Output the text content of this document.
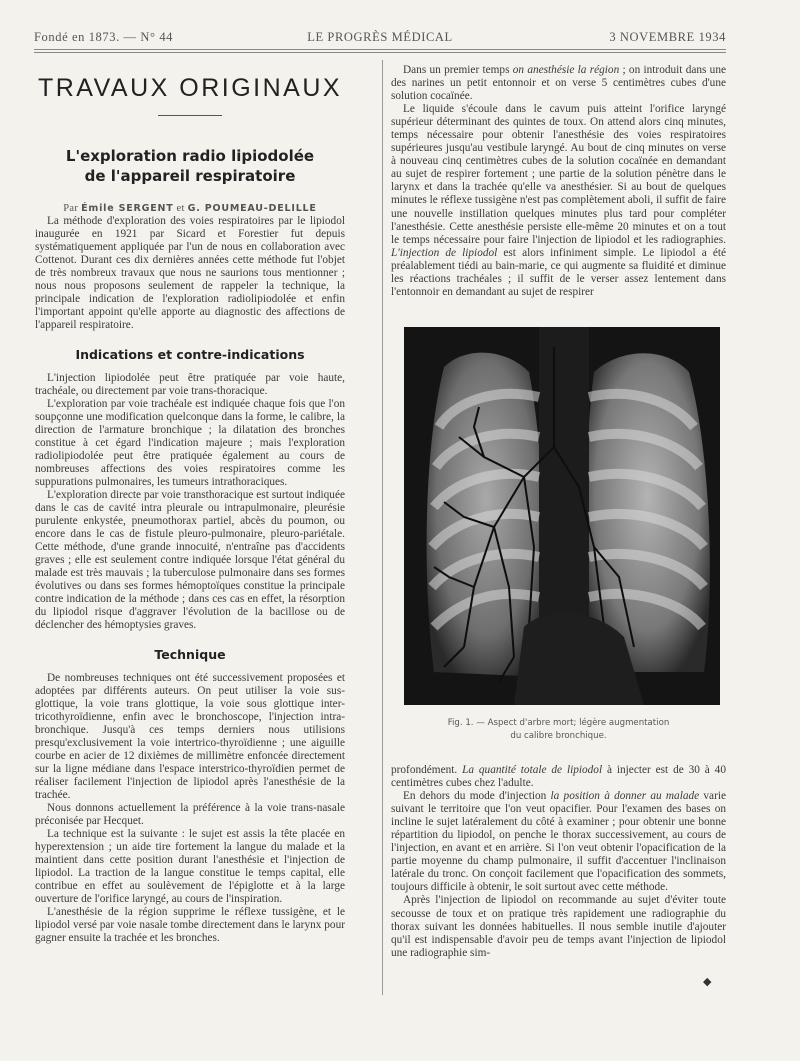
Fondé en 1873. — N° 44	LE PROGRÈS MÉDICAL	3 NOVEMBRE 1934
TRAVAUX ORIGINAUX
L'exploration radio lipiodolée
de l'appareil respiratoire
Par Émile SERGENT et G. POUMEAU-DELILLE

La méthode d'exploration des voies respiratoires par le lipiodol inaugurée en 1921 par Sicard et Forestier fut depuis systématiquement appliquée par l'un de nous en collaboration avec Cottenot. Durant ces dix dernières années cette méthode fut l'objet de très nombreux travaux que nous ne saurions tous mentionner ; nous nous proposons seulement de rappeler la technique, la principale indication de l'exploration radiolipiodolée et enfin l'important appoint qu'elle apporte au diagnostic des affections de l'appareil respiratoire.

Indications et contre-indications

L'injection lipiodolée peut être pratiquée par voie haute, trachéale, ou directement par voie trans-thoracique.

L'exploration par voie trachéale est indiquée chaque fois que l'on soupçonne une modification quelconque dans la forme, le calibre, la direction de l'armature bronchique ; la dilatation des bronches constitue à cet égard l'indication majeure ; mais l'exploration radiolipiodolée peut être pratiquée également au cours de nombreuses affections des voies respiratoires comme les suppurations pulmonaires, les tumeurs intrathoraciques.

L'exploration directe par voie transthoracique est surtout indiquée dans le cas de cavité intra pleurale ou intrapulmonaire, pleurésie purulente enkystée, pneumothorax partiel, abcès du poumon, ou encore dans le cas de fistule pleuro-pulmonaire, pleuro-pariétale. Cette méthode, d'une grande innocuité, n'entraîne pas d'accidents graves ; elle est seulement contre indiquée lorsque l'état général du malade est très mauvais ; la tuberculose pulmonaire dans ses formes évolutives ou dans ses formes hémoptoïques constitue la principale contre indication de la méthode ; dans ces cas en effet, la résorption du lipiodol risque d'aggraver l'évolution de la bacillose ou de déclencher des hémoptysies graves.

Technique

De nombreuses techniques ont été successivement proposées et adoptées par différents auteurs. On peut utiliser la voie sus-glottique, la voie trans glottique, la voie sous glottique inter-tricothyroïdienne, enfin avec le bronchoscope, l'injection intra-bronchique. Jusqu'à ces temps derniers nous utilisions presqu'exclusivement la voie intertrico-thyroïdienne ; une aiguille courbe en acier de 12 dixièmes de millimètre enfoncée directement sur la ligne médiane dans l'espace interstrico-thyroïdien permet de réaliser facilement l'injection de lipiodol après l'anesthésie de la trachée.

Nous donnons actuellement la préférence à la voie trans-nasale préconisée par Hecquet.

La technique est la suivante : le sujet est assis la tête placée en hyperextension ; un aide tire fortement la langue du malade et la maintient dans cette position durant l'anesthésie et l'injection de lipiodol. La traction de la langue constitue le temps capital, elle contribue en effet au soulèvement de l'épiglotte et à la large ouverture de l'orifice laryngé, au cours de l'inspiration.

L'anesthésie de la région supprime le réflexe tussigène, et le lipiodol versé par voie nasale tombe directement dans le larynx pour gagner ensuite la trachée et les bronches.

Dans un premier temps on anesthésie la région ; on introduit dans une des narines un petit entonnoir et on verse 5 centimètres cubes d'une solution cocaïnée.

Le liquide s'écoule dans le cavum puis atteint l'orifice laryngé supérieur déterminant des quintes de toux. On attend alors cinq minutes, temps nécessaire pour obtenir l'anesthésie des voies respiratoires supérieures jusqu'au vestibule laryngé. Au bout de cinq minutes on verse à nouveau cinq centimètres cubes de la solution cocaïnée en demandant au sujet de respirer fortement ; une partie de la solution pénètre dans le larynx et dans la trachée qu'elle va anesthésier. Si au bout de quelques minutes le réflexe tussigène n'est pas complètement aboli, il suffit de faire une nouvelle instillation quelques minutes plus tard pour compléter l'anesthésie. Cette anesthésie persiste elle-même 20 minutes et on a tout le temps nécessaire pour faire l'injection de lipiodol et les radiographies. L'injection de lipiodol est alors infiniment simple. Le lipiodol a été préalablement tiédi au bain-marie, ce qui augmente sa fluidité et diminue les réactions trachéales ; il suffit de le verser assez lentement dans l'entonnoir en demandant au sujet de respirer

Fig. 1. — Aspect d'arbre mort; légère augmentation
du calibre bronchique.

profondément. La quantité totale de lipiodol à injecter est de 30 à 40 centimètres cubes chez l'adulte.

En dehors du mode d'injection la position à donner au malade varie suivant le territoire que l'on veut opacifier. Pour l'examen des bases on incline le sujet latéralement du côté à examiner ; pour obtenir une bonne répartition du lipiodol, on penche le thorax successivement, au cours de l'injection, en avant et en arrière. Si l'on veut obtenir l'opacification de la partie moyenne du champ pulmonaire, il suffit d'accentuer l'inclinaison latérale du tronc. On conçoit facilement que l'opacification des sommets, toujours difficile à obtenir, le soit surtout avec cette méthode.

Après l'injection de lipiodol on recommande au sujet d'éviter toute secousse de toux et on pratique très rapidement une radiographie du thorax suivant les données habituelles. Il nous semble inutile d'ajouter qu'il est indispensable d'avoir peu de temps avant l'injection de lipiodol une radiographie sim-

◆
